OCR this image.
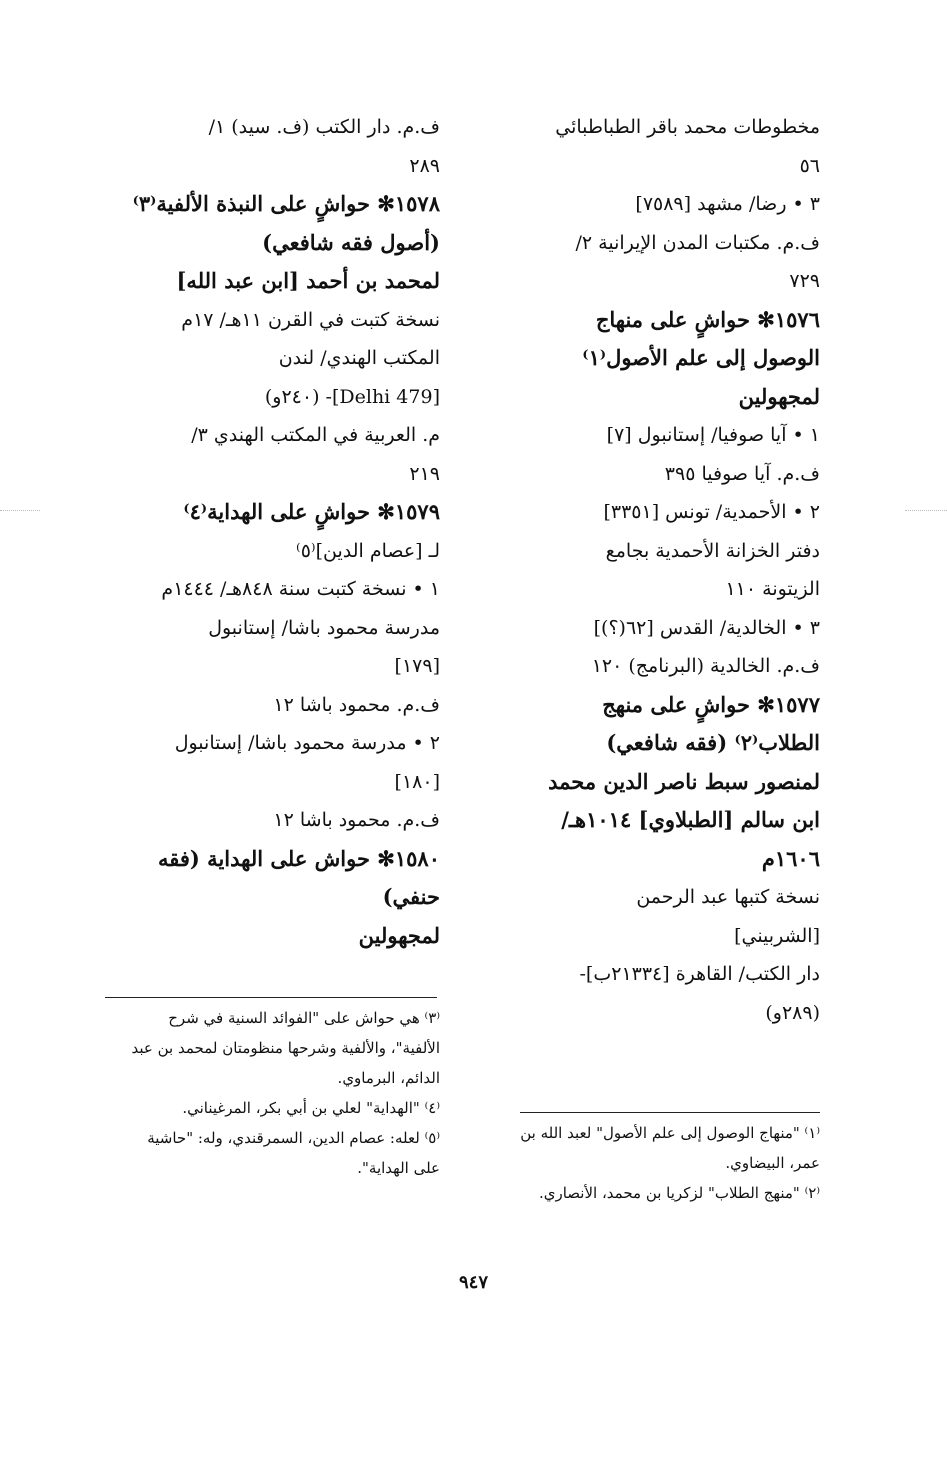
مخطوطات محمد باقر الطباطبائي
٥٦
٣ • رضا/ مشهد [٧٥٨٩]
ف.م. مكتبات المدن الإيرانية ٢/
٧٢٩
١٥٧٦✻ حواشٍ على منهاج
الوصول إلى علم الأصول⁽١⁾
لمجهولين
١ • آيا صوفيا/ إستانبول [٧]
ف.م. آيا صوفيا ٣٩٥
٢ • الأحمدية/ تونس [٣٣٥١]
دفتر الخزانة الأحمدية بجامع
الزيتونة ١١٠
٣ • الخالدية/ القدس [٦٢(؟)]
ف.م. الخالدية (البرنامج) ١٢٠
١٥٧٧✻ حواشٍ على منهج
الطلاب⁽٢⁾ (فقه شافعي)
لمنصور سبط ناصر الدين محمد
ابن سالم [الطبلاوي] ١٠١٤هـ/
١٦٠٦م
نسخة كتبها عبد الرحمن
[الشربيني]
دار الكتب/ القاهرة [٢١٣٣٤ب]-
(٢٨٩و)
ف.م. دار الكتب (ف. سيد) ١/
٢٨٩
١٥٧٨✻ حواشٍ على النبذة الألفية⁽٣⁾
(أصول فقه شافعي)
لمحمد بن أحمد [ابن عبد الله]
نسخة كتبت في القرن ١١هـ/ ١٧م
المكتب الهندي/ لندن
[Delhi 479]- (٢٤٠و)
م. العربية في المكتب الهندي ٣/
٢١٩
١٥٧٩✻ حواشٍ على الهداية⁽٤⁾
لـ [عصام الدين]⁽٥⁾
١ • نسخة كتبت سنة ٨٤٨هـ/ ١٤٤٤م
مدرسة محمود باشا/ إستانبول
[١٧٩]
ف.م. محمود باشا ١٢
٢ • مدرسة محمود باشا/ إستانبول
[١٨٠]
ف.م. محمود باشا ١٢
١٥٨٠✻ حواش على الهداية (فقه
حنفي)
لمجهولين
⁽١⁾ "منهاج الوصول إلى علم الأصول" لعبد الله بن
عمر، البيضاوي.
⁽٢⁾ "منهج الطلاب" لزكريا بن محمد، الأنصاري.
⁽٣⁾ هي حواش على "الفوائد السنية في شرح
الألفية"، والألفية وشرحها منظومتان لمحمد بن عبد
الدائم، البرماوي.
⁽٤⁾ "الهداية" لعلي بن أبي بكر، المرغيناني.
⁽٥⁾ لعله: عصام الدين، السمرقندي، وله: "حاشية
على الهداية".
٩٤٧
